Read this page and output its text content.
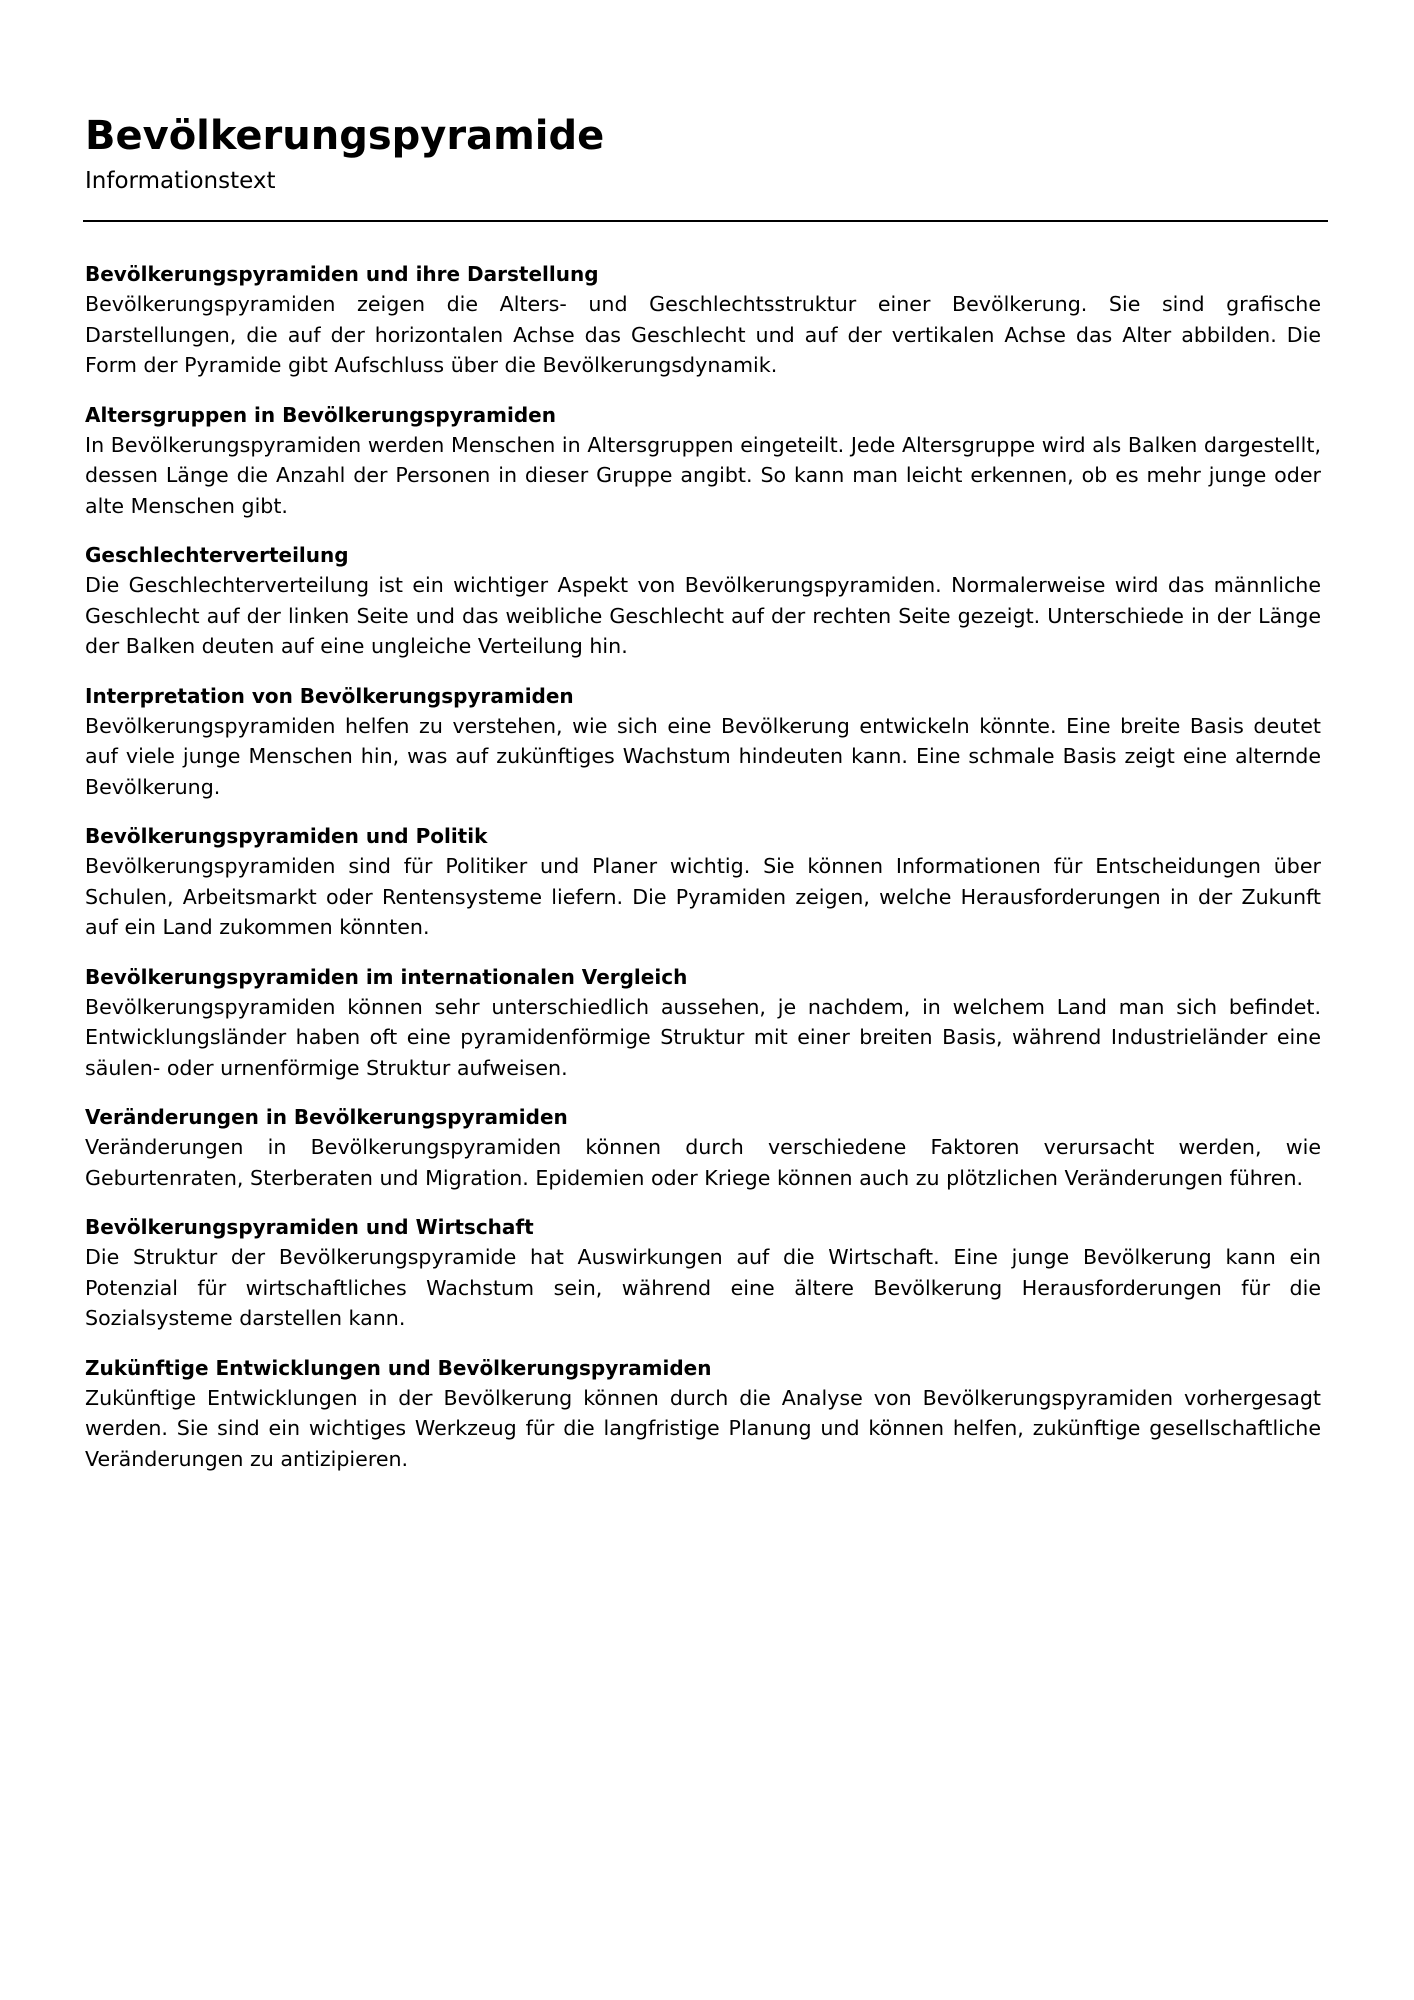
Bevölkerungspyramide
Informationstext
Bevölkerungspyramiden und ihre Darstellung
Bevölkerungspyramiden zeigen die Alters- und Geschlechtsstruktur einer Bevölkerung. Sie sind grafische Darstellungen, die auf der horizontalen Achse das Geschlecht und auf der vertikalen Achse das Alter abbilden. Die Form der Pyramide gibt Aufschluss über die Bevölkerungsdynamik.
Altersgruppen in Bevölkerungspyramiden
In Bevölkerungspyramiden werden Menschen in Altersgruppen eingeteilt. Jede Altersgruppe wird als Balken dargestellt, dessen Länge die Anzahl der Personen in dieser Gruppe angibt. So kann man leicht erkennen, ob es mehr junge oder alte Menschen gibt.
Geschlechterverteilung
Die Geschlechterverteilung ist ein wichtiger Aspekt von Bevölkerungspyramiden. Normalerweise wird das männliche Geschlecht auf der linken Seite und das weibliche Geschlecht auf der rechten Seite gezeigt. Unterschiede in der Länge der Balken deuten auf eine ungleiche Verteilung hin.
Interpretation von Bevölkerungspyramiden
Bevölkerungspyramiden helfen zu verstehen, wie sich eine Bevölkerung entwickeln könnte. Eine breite Basis deutet auf viele junge Menschen hin, was auf zukünftiges Wachstum hindeuten kann. Eine schmale Basis zeigt eine alternde Bevölkerung.
Bevölkerungspyramiden und Politik
Bevölkerungspyramiden sind für Politiker und Planer wichtig. Sie können Informationen für Entscheidungen über Schulen, Arbeitsmarkt oder Rentensysteme liefern. Die Pyramiden zeigen, welche Herausforderungen in der Zukunft auf ein Land zukommen könnten.
Bevölkerungspyramiden im internationalen Vergleich
Bevölkerungspyramiden können sehr unterschiedlich aussehen, je nachdem, in welchem Land man sich befindet. Entwicklungsländer haben oft eine pyramidenförmige Struktur mit einer breiten Basis, während Industrieländer eine säulen- oder urnenförmige Struktur aufweisen.
Veränderungen in Bevölkerungspyramiden
Veränderungen in Bevölkerungspyramiden können durch verschiedene Faktoren verursacht werden, wie Geburtenraten, Sterberaten und Migration. Epidemien oder Kriege können auch zu plötzlichen Veränderungen führen.
Bevölkerungspyramiden und Wirtschaft
Die Struktur der Bevölkerungspyramide hat Auswirkungen auf die Wirtschaft. Eine junge Bevölkerung kann ein Potenzial für wirtschaftliches Wachstum sein, während eine ältere Bevölkerung Herausforderungen für die Sozialsysteme darstellen kann.
Zukünftige Entwicklungen und Bevölkerungspyramiden
Zukünftige Entwicklungen in der Bevölkerung können durch die Analyse von Bevölkerungspyramiden vorhergesagt werden. Sie sind ein wichtiges Werkzeug für die langfristige Planung und können helfen, zukünftige gesellschaftliche Veränderungen zu antizipieren.
